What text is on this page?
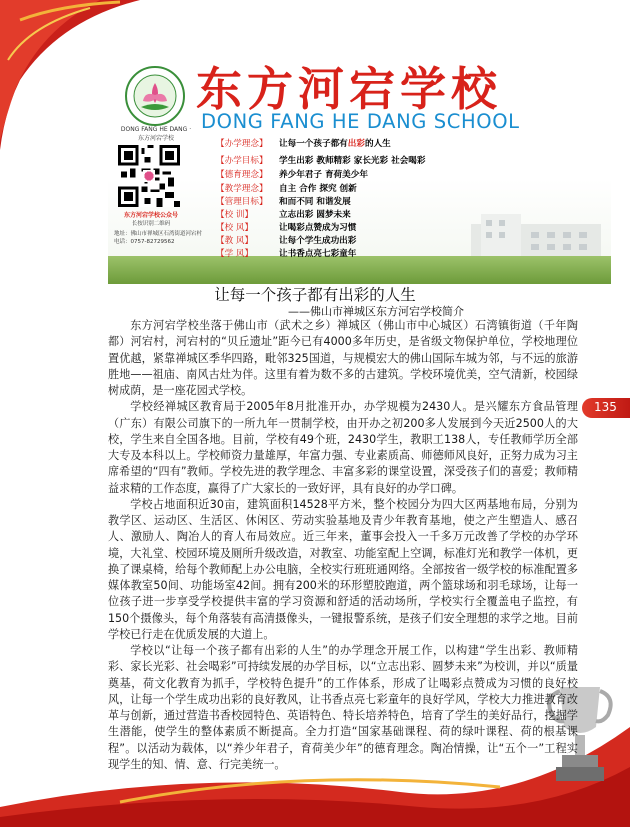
DONG FANG HE DANG · 东方河宕学校
东方河宕学校
DONG FANG HE DANG SCHOOL
东方河宕学校公众号
长按识别二维码
地址：佛山市禅城区石湾街道河宕村
电话：0757-82729562
【办学理念】 让每一个孩子都有出彩的人生
【办学目标】 学生出彩 教师精彩 家长光彩 社会喝彩
【德育理念】 养少年君子 育荷美少年
【教学理念】 自主 合作 探究 创新
【管理目标】 和而不同 和谐发展
【校 训】	立志出彩 圆梦未来
【校 风】	让喝彩点赞成为习惯
【教 风】	让每个学生成功出彩
【学 风】	让书香点亮七彩童年
让每一个孩子都有出彩的人生
——佛山市禅城区东方河宕学校简介

东方河宕学校坐落于佛山市（武术之乡）禅城区（佛山市中心城区）石湾镇街道（千年陶都）河宕村，河宕村的“贝丘遗址”距今已有4000多年历史，是省级文物保护单位，学校地理位置优越，紧靠禅城区季华四路，毗邻325国道，与规模宏大的佛山国际车城为邻，与不远的旅游胜地——祖庙、南风古灶为伴。这里有着为数不多的古建筑。学校环境优美，空气清新，校园绿树成荫，是一座花园式学校。

学校经禅城区教育局于2005年8月批准开办，办学规模为2430人。是兴耀东方食品管理（广东）有限公司旗下的一所九年一贯制学校，由开办之初200多人发展到今天近2500人的大校，学生来自全国各地。目前，学校有49个班，2430学生，教职工138人，专任教师学历全部大专及本科以上。学校师资力量雄厚，年富力强、专业素质高、师德师风良好，正努力成为习主席希望的“四有”教师。学校先进的教学理念、丰富多彩的课堂设置，深受孩子们的喜爱；教师精益求精的工作态度，赢得了广大家长的一致好评，具有良好的办学口碑。

学校占地面积近30亩，建筑面积14528平方米，整个校园分为四大区两基地布局，分别为教学区、运动区、生活区、休闲区、劳动实验基地及青少年教育基地，使之产生塑造人、感召人、激励人、陶冶人的育人布局效应。近三年来，董事会投入一千多万元改善了学校的办学环境，大礼堂、校园环境及厕所升级改造，对教室、功能室配上空调，标准灯光和教学一体机，更换了课桌椅，给每个教师配上办公电脑，全校实行班班通网络。全部按省一级学校的标准配置多媒体教室50间、功能场室42间。拥有200米的环形塑胶跑道，两个篮球场和羽毛球场，让每一位孩子进一步享受学校提供丰富的学习资源和舒适的活动场所，学校实行全覆盖电子监控，有150个摄像头，每个角落装有高清摄像头，一键报警系统，是孩子们安全理想的求学之地。目前学校已行走在优质发展的大道上。

学校以“让每一个孩子都有出彩的人生”的办学理念开展工作，以构建“学生出彩、教师精彩、家长光彩、社会喝彩”可持续发展的办学目标，以“立志出彩、圆梦未来”为校训，并以“质量奠基，荷文化教育为抓手，学校特色提升”的工作体系，形成了让喝彩点赞成为习惯的良好校风，让每一个学生成功出彩的良好教风，让书香点亮七彩童年的良好学风，学校大力推进教育改革与创新，通过营造书香校园特色、英语特色、特长培养特色，培育了学生的美好品行，挖掘学生潜能，使学生的整体素质不断提高。全力打造“国家基础课程、荷的绿叶课程、荷的根基课程”。以活动为载体，以“养少年君子，育荷美少年”的德育理念。陶冶情操，让“五个一”工程实现学生的知、情、意、行完美统一。

135
